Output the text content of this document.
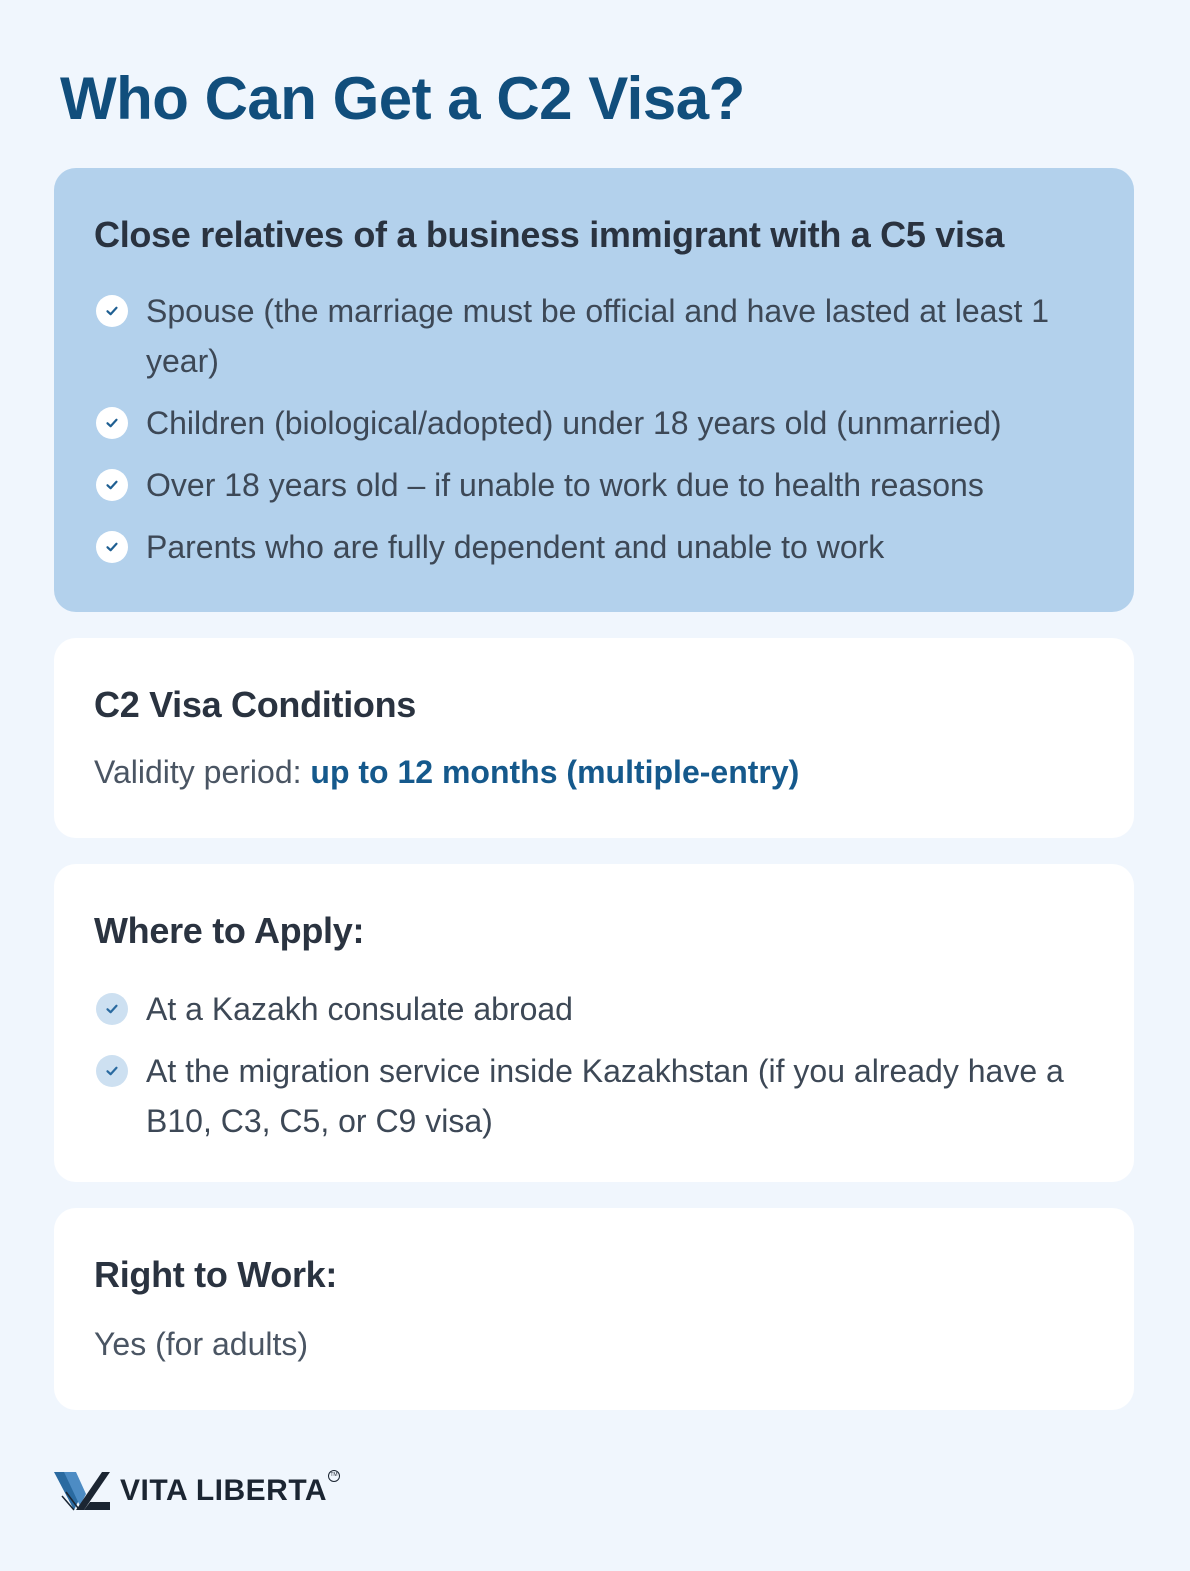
Who Can Get a C2 Visa?
Close relatives of a business immigrant with a C5 visa
Spouse (the marriage must be official and have lasted at least 1 year)
Children (biological/adopted) under 18 years old (unmarried)
Over 18 years old – if unable to work due to health reasons
Parents who are fully dependent and unable to work
C2 Visa Conditions

Validity period: up to 12 months (multiple-entry)

Where to Apply:
At a Kazakh consulate abroad
At the migration service inside Kazakhstan (if you already have a B10, C3, C5, or C9 visa)
Right to Work:

Yes (for adults)

VITA LIBERTA TM
